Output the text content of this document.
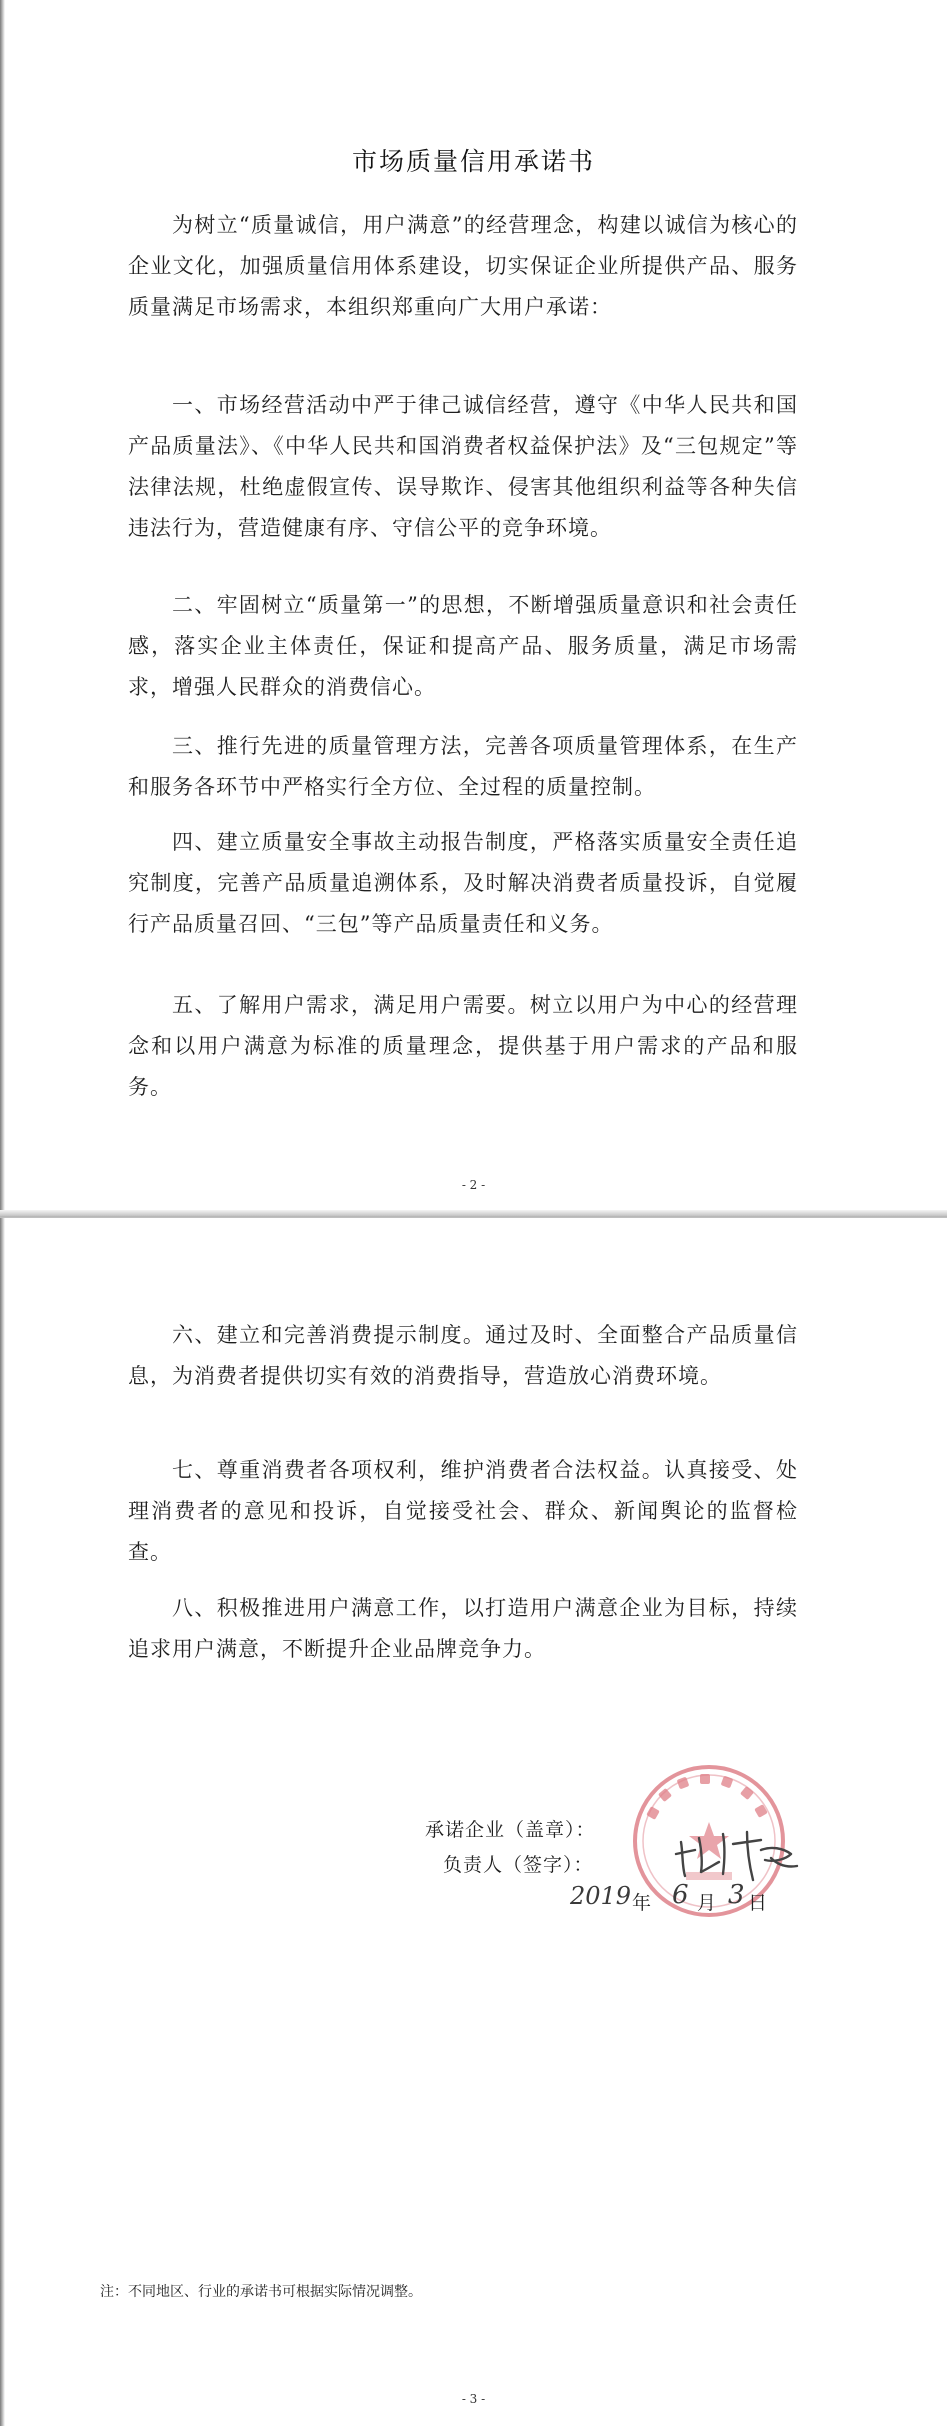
市场质量信用承诺书

为树立“质量诚信，用户满意”的经营理念，构建以诚信为核心的企业文化，加强质量信用体系建设，切实保证企业所提供产品、服务质量满足市场需求，本组织郑重向广大用户承诺：

一、市场经营活动中严于律己诚信经营，遵守《中华人民共和国产品质量法》、《中华人民共和国消费者权益保护法》及“三包规定”等法律法规，杜绝虚假宣传、误导欺诈、侵害其他组织利益等各种失信违法行为，营造健康有序、守信公平的竞争环境。

二、牢固树立“质量第一”的思想，不断增强质量意识和社会责任感，落实企业主体责任，保证和提高产品、服务质量，满足市场需求，增强人民群众的消费信心。

三、推行先进的质量管理方法，完善各项质量管理体系，在生产和服务各环节中严格实行全方位、全过程的质量控制。

四、建立质量安全事故主动报告制度，严格落实质量安全责任追究制度，完善产品质量追溯体系，及时解决消费者质量投诉，自觉履行产品质量召回、“三包”等产品质量责任和义务。

五、了解用户需求，满足用户需要。树立以用户为中心的经营理念和以用户满意为标准的质量理念，提供基于用户需求的产品和服务。

- 2 -

六、建立和完善消费提示制度。通过及时、全面整合产品质量信息，为消费者提供切实有效的消费指导，营造放心消费环境。

七、尊重消费者各项权利，维护消费者合法权益。认真接受、处理消费者的意见和投诉，自觉接受社会、群众、新闻舆论的监督检查。

八、积极推进用户满意工作，以打造用户满意企业为目标，持续追求用户满意，不断提升企业品牌竞争力。

承诺企业（盖章）：
负责人（签字）：
2019 年 6 月 3 日
注：不同地区、行业的承诺书可根据实际情况调整。
- 3 -
